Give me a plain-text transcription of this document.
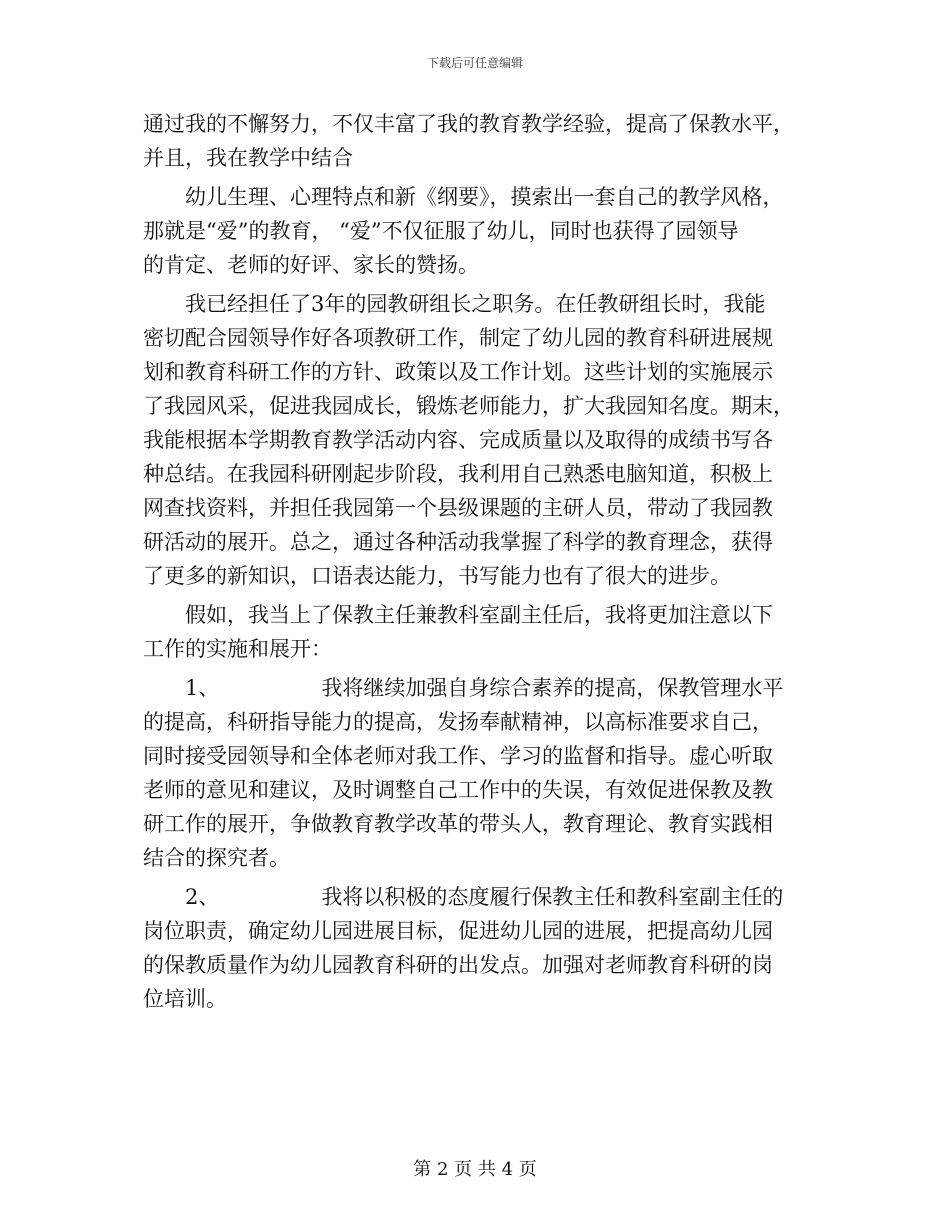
下载后可任意编辑
通过我的不懈努力，不仅丰富了我的教育教学经验，提高了保教水平，
并且，我在教学中结合
幼儿生理、心理特点和新《纲要》，摸索出一套自己的教学风格，
那就是“爱”的教育， “爱”不仅征服了幼儿，同时也获得了园领导
的肯定、老师的好评、家长的赞扬。
我已经担任了3年的园教研组长之职务。在任教研组长时，我能
密切配合园领导作好各项教研工作，制定了幼儿园的教育科研进展规
划和教育科研工作的方针、政策以及工作计划。这些计划的实施展示
了我园风采，促进我园成长，锻炼老师能力，扩大我园知名度。期末，
我能根据本学期教育教学活动内容、完成质量以及取得的成绩书写各
种总结。在我园科研刚起步阶段，我利用自己熟悉电脑知道，积极上
网查找资料，并担任我园第一个县级课题的主研人员，带动了我园教
研活动的展开。总之，通过各种活动我掌握了科学的教育理念，获得
了更多的新知识，口语表达能力，书写能力也有了很大的进步。
假如，我当上了保教主任兼教科室副主任后，我将更加注意以下
工作的实施和展开：
1、	我将继续加强自身综合素养的提高，保教管理水平
的提高，科研指导能力的提高，发扬奉献精神，以高标准要求自己，
同时接受园领导和全体老师对我工作、学习的监督和指导。虚心听取
老师的意见和建议，及时调整自己工作中的失误，有效促进保教及教
研工作的展开，争做教育教学改革的带头人，教育理论、教育实践相
结合的探究者。
2、	我将以积极的态度履行保教主任和教科室副主任的
岗位职责，确定幼儿园进展目标，促进幼儿园的进展，把提高幼儿园
的保教质量作为幼儿园教育科研的出发点。加强对老师教育科研的岗
位培训。
第 2 页 共 4 页
